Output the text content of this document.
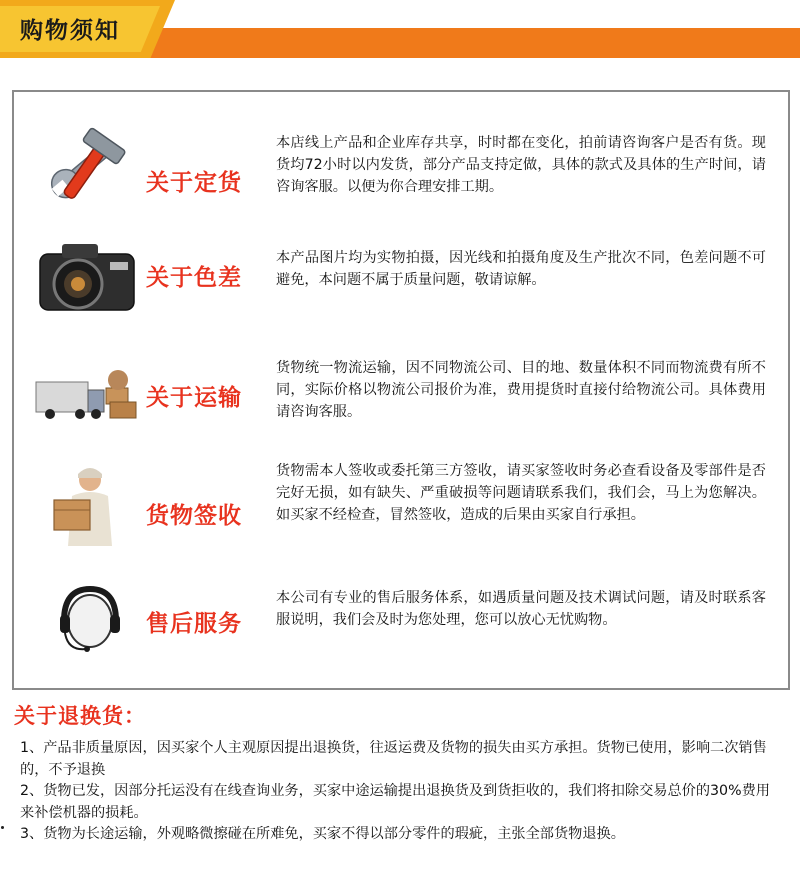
购物须知
关于定货
本店线上产品和企业库存共享，时时都在变化，拍前请咨询客户是否有货。现货均72小时以内发货，部分产品支持定做，具体的款式及具体的生产时间，请咨询客服。以便为你合理安排工期。
关于色差
本产品图片均为实物拍摄，因光线和拍摄角度及生产批次不同，色差问题不可避免，本问题不属于质量问题，敬请谅解。
关于运输
货物统一物流运输，因不同物流公司、目的地、数量体积不同而物流费有所不同，实际价格以物流公司报价为准，费用提货时直接付给物流公司。具体费用请咨询客服。
货物签收
货物需本人签收或委托第三方签收，请买家签收时务必查看设备及零部件是否完好无损，如有缺失、严重破损等问题请联系我们，我们会，马上为您解决。如买家不经检查，冒然签收，造成的后果由买家自行承担。
售后服务
本公司有专业的售后服务体系，如遇质量问题及技术调试问题，请及时联系客服说明，我们会及时为您处理，您可以放心无忧购物。
关于退换货：

1、产品非质量原因，因买家个人主观原因提出退换货，往返运费及货物的损失由买方承担。货物已使用，影响二次销售的，不予退换

2、货物已发，因部分托运没有在线查询业务，买家中途运输提出退换货及到货拒收的，我们将扣除交易总价的30%费用来补偿机器的损耗。

3、货物为长途运输，外观略微擦碰在所难免，买家不得以部分零件的瑕疵，主张全部货物退换。
